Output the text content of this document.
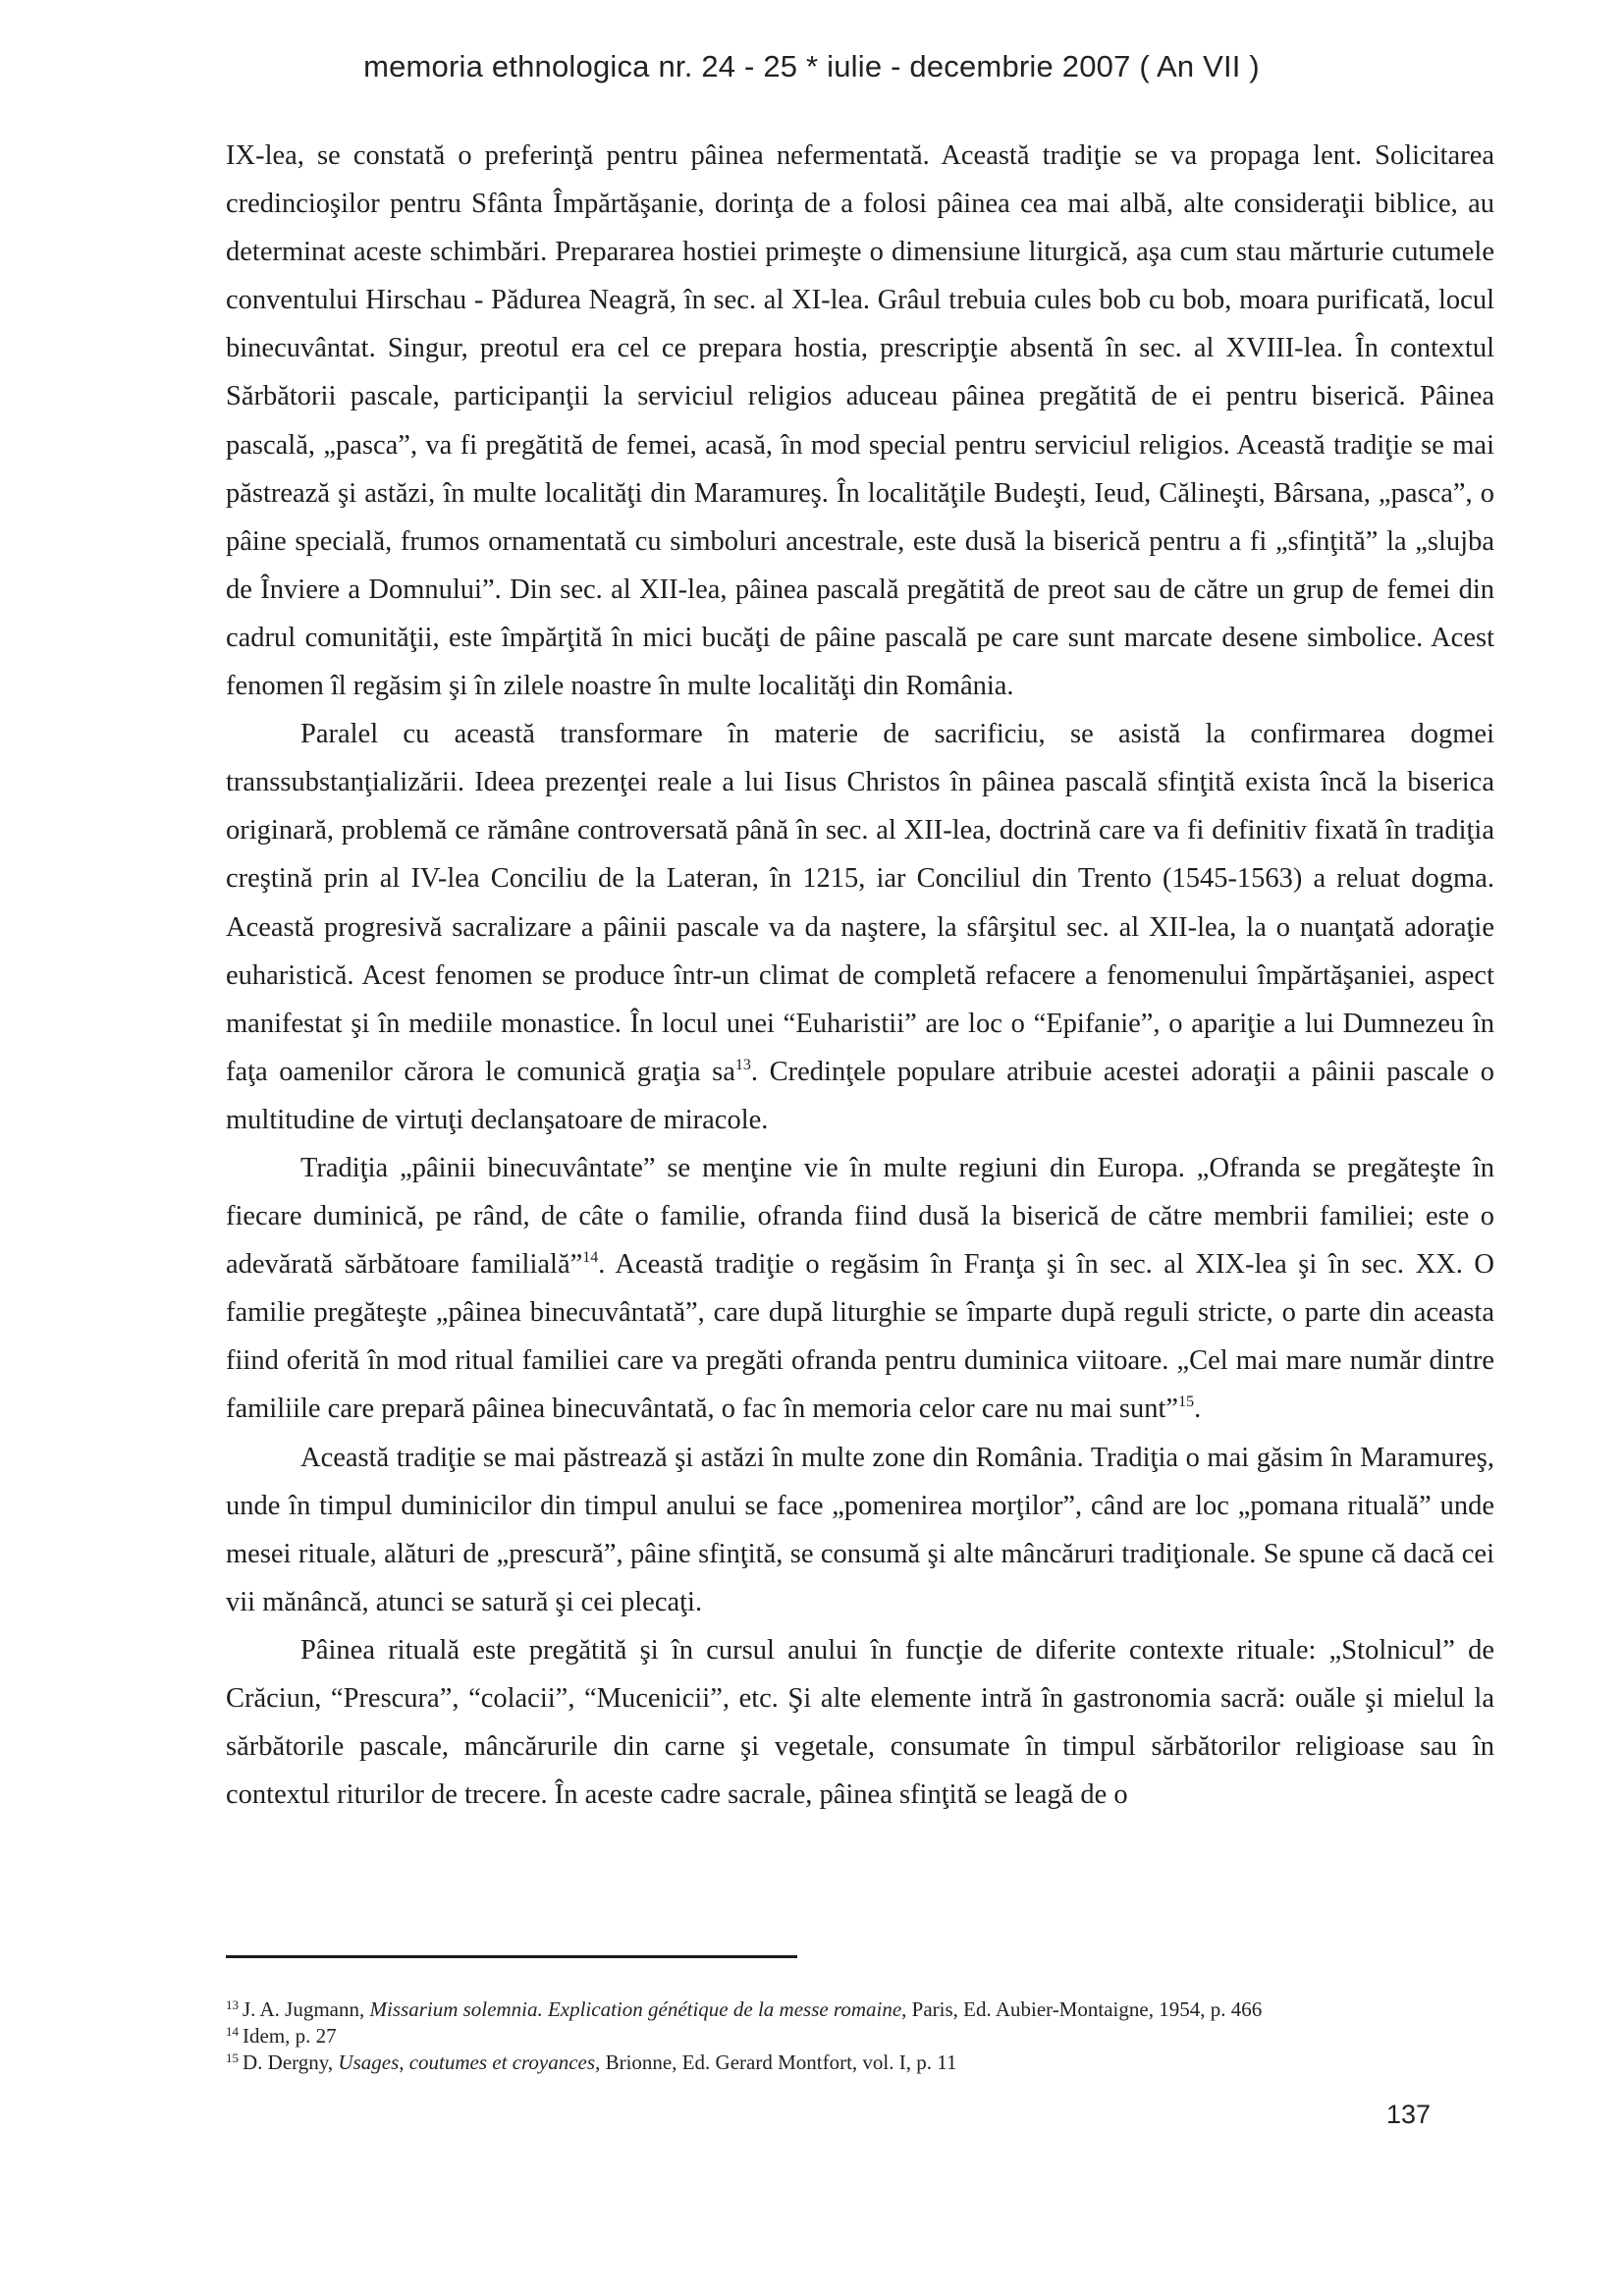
memoria ethnologica nr. 24 - 25 * iulie - decembrie 2007 ( An VII )

IX-lea, se constată o preferinţă pentru pâinea nefermentată. Această tradiţie se va propaga lent. Solicitarea credincioşilor pentru Sfânta Împărtăşanie, dorinţa de a folosi pâinea cea mai albă, alte consideraţii biblice, au determinat aceste schimbări. Prepararea hostiei primeşte o dimensiune liturgică, aşa cum stau mărturie cutumele conventului Hirschau - Pădurea Neagră, în sec. al XI-lea. Grâul trebuia cules bob cu bob, moara purificată, locul binecuvântat. Singur, preotul era cel ce prepara hostia, prescripţie absentă în sec. al XVIII-lea. În contextul Sărbătorii pascale, participanţii la serviciul religios aduceau pâinea pregătită de ei pentru biserică. Pâinea pascală, „pasca”, va fi pregătită de femei, acasă, în mod special pentru serviciul religios. Această tradiţie se mai păstrează şi astăzi, în multe localităţi din Maramureş. În localităţile Budeşti, Ieud, Călineşti, Bârsana, „pasca”, o pâine specială, frumos ornamentată cu simboluri ancestrale, este dusă la biserică pentru a fi „sfinţită” la „slujba de Înviere a Domnului”. Din sec. al XII-lea, pâinea pascală pregătită de preot sau de către un grup de femei din cadrul comunităţii, este împărţită în mici bucăţi de pâine pascală pe care sunt marcate desene simbolice. Acest fenomen îl regăsim şi în zilele noastre în multe localităţi din România.

Paralel cu această transformare în materie de sacrificiu, se asistă la confirmarea dogmei transsubstanţializării. Ideea prezenţei reale a lui Iisus Christos în pâinea pascală sfinţită exista încă la biserica originară, problemă ce rămâne controversată până în sec. al XII-lea, doctrină care va fi definitiv fixată în tradiţia creştină prin al IV-lea Conciliu de la Lateran, în 1215, iar Conciliul din Trento (1545-1563) a reluat dogma. Această progresivă sacralizare a pâinii pascale va da naştere, la sfârşitul sec. al XII-lea, la o nuanţată adoraţie euharistică. Acest fenomen se produce într-un climat de completă refacere a fenomenului împărtăşaniei, aspect manifestat şi în mediile monastice. În locul unei “Euharistii” are loc o “Epifanie”, o apariţie a lui Dumnezeu în faţa oamenilor cărora le comunică graţia sa$^{13}$. Credinţele populare atribuie acestei adoraţii a pâinii pascale o multitudine de virtuţi declanşatoare de miracole.

Tradiţia „pâinii binecuvântate” se menţine vie în multe regiuni din Europa. „Ofranda se pregăteşte în fiecare duminică, pe rând, de câte o familie, ofranda fiind dusă la biserică de către membrii familiei; este o adevărată sărbătoare familială”$^{14}$. Această tradiţie o regăsim în Franţa şi în sec. al XIX-lea şi în sec. XX. O familie pregăteşte „pâinea binecuvântată”, care după liturghie se împarte după reguli stricte, o parte din aceasta fiind oferită în mod ritual familiei care va pregăti ofranda pentru duminica viitoare. „Cel mai mare număr dintre familiile care prepară pâinea binecuvântată, o fac în memoria celor care nu mai sunt”$^{15}$.

Această tradiţie se mai păstrează şi astăzi în multe zone din România. Tradiţia o mai găsim în Maramureş, unde în timpul duminicilor din timpul anului se face „pomenirea morţilor”, când are loc „pomana rituală” unde mesei rituale, alături de „prescură”, pâine sfinţită, se consumă şi alte mâncăruri tradiţionale. Se spune că dacă cei vii mănâncă, atunci se satură şi cei plecaţi.

Pâinea rituală este pregătită şi în cursul anului în funcţie de diferite contexte rituale: „Stolnicul” de Crăciun, “Prescura”, “colacii”, “Mucenicii”, etc. Şi alte elemente intră în gastronomia sacră: ouăle şi mielul la sărbătorile pascale, mâncărurile din carne şi vegetale, consumate în timpul sărbătorilor religioase sau în contextul riturilor de trecere. În aceste cadre sacrale, pâinea sfinţită se leagă de o

$^{13}$ J. A. Jugmann, Missarium solemnia. Explication génétique de la messe romaine, Paris, Ed. Aubier-Montaigne, 1954, p. 466
$^{14}$ Idem, p. 27
$^{15}$ D. Dergny, Usages, coutumes et croyances, Brionne, Ed. Gerard Montfort, vol. I, p. 11
137
